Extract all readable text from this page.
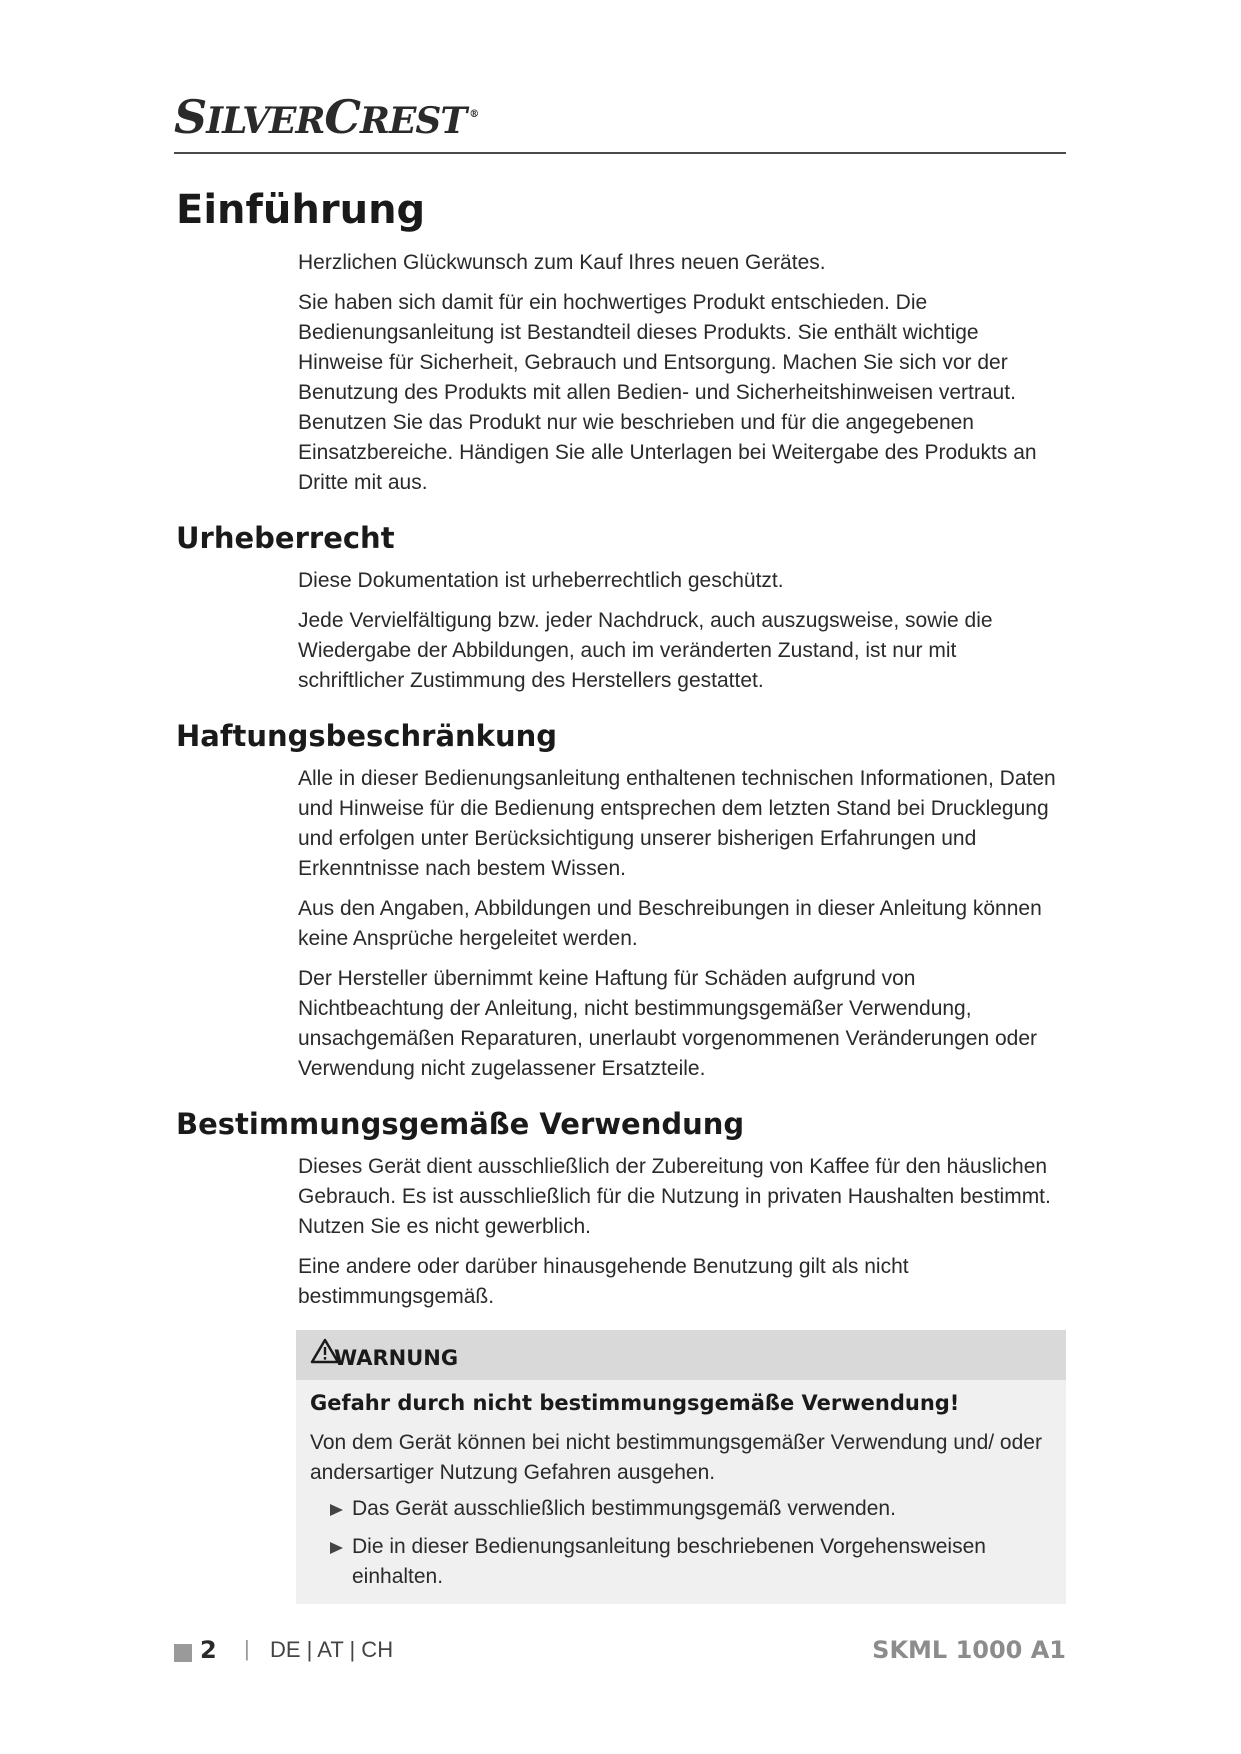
SILVERCREST ®
Einführung

Herzlichen Glückwunsch zum Kauf Ihres neuen Gerätes.

Sie haben sich damit für ein hochwertiges Produkt entschieden. Die Bedienungsanleitung ist Bestandteil dieses Produkts. Sie enthält wichtige Hinweise für Sicherheit, Gebrauch und Entsorgung. Machen Sie sich vor der Benutzung des Produkts mit allen Bedien- und Sicherheitshinweisen vertraut. Benutzen Sie das Produkt nur wie beschrieben und für die angegebenen Einsatzbereiche. Händigen Sie alle Unterlagen bei Weitergabe des Produkts an Dritte mit aus.

Urheberrecht

Diese Dokumentation ist urheberrechtlich geschützt.

Jede Vervielfältigung bzw. jeder Nachdruck, auch auszugsweise, sowie die Wiedergabe der Abbildungen, auch im veränderten Zustand, ist nur mit schriftlicher Zustimmung des Herstellers gestattet.

Haftungsbeschränkung

Alle in dieser Bedienungsanleitung enthaltenen technischen Informationen, Daten und Hinweise für die Bedienung entsprechen dem letzten Stand bei Drucklegung und erfolgen unter Berücksichtigung unserer bisherigen Erfahrungen und Erkenntnisse nach bestem Wissen.

Aus den Angaben, Abbildungen und Beschreibungen in dieser Anleitung können keine Ansprüche hergeleitet werden.

Der Hersteller übernimmt keine Haftung für Schäden aufgrund von Nichtbeachtung der Anleitung, nicht bestimmungsgemäßer Verwendung, unsachgemäßen Reparaturen, unerlaubt vorgenommenen Veränderungen oder Verwendung nicht zugelassener Ersatzteile.

Bestimmungsgemäße Verwendung

Dieses Gerät dient ausschließlich der Zubereitung von Kaffee für den häuslichen Gebrauch. Es ist ausschließlich für die Nutzung in privaten Haushalten bestimmt. Nutzen Sie es nicht gewerblich.

Eine andere oder darüber hinausgehende Benutzung gilt als nicht bestimmungsgemäß.

WARNUNG
Gefahr durch nicht bestimmungsgemäße Verwendung!

Von dem Gerät können bei nicht bestimmungsgemäßer Verwendung und/ oder andersartiger Nutzung Gefahren ausgehen.

Das Gerät ausschließlich bestimmungsgemäß verwenden.
Die in dieser Bedienungsanleitung beschriebenen Vorgehensweisen einhalten.
2 | DE | AT | CH	SKML 1000 A1
